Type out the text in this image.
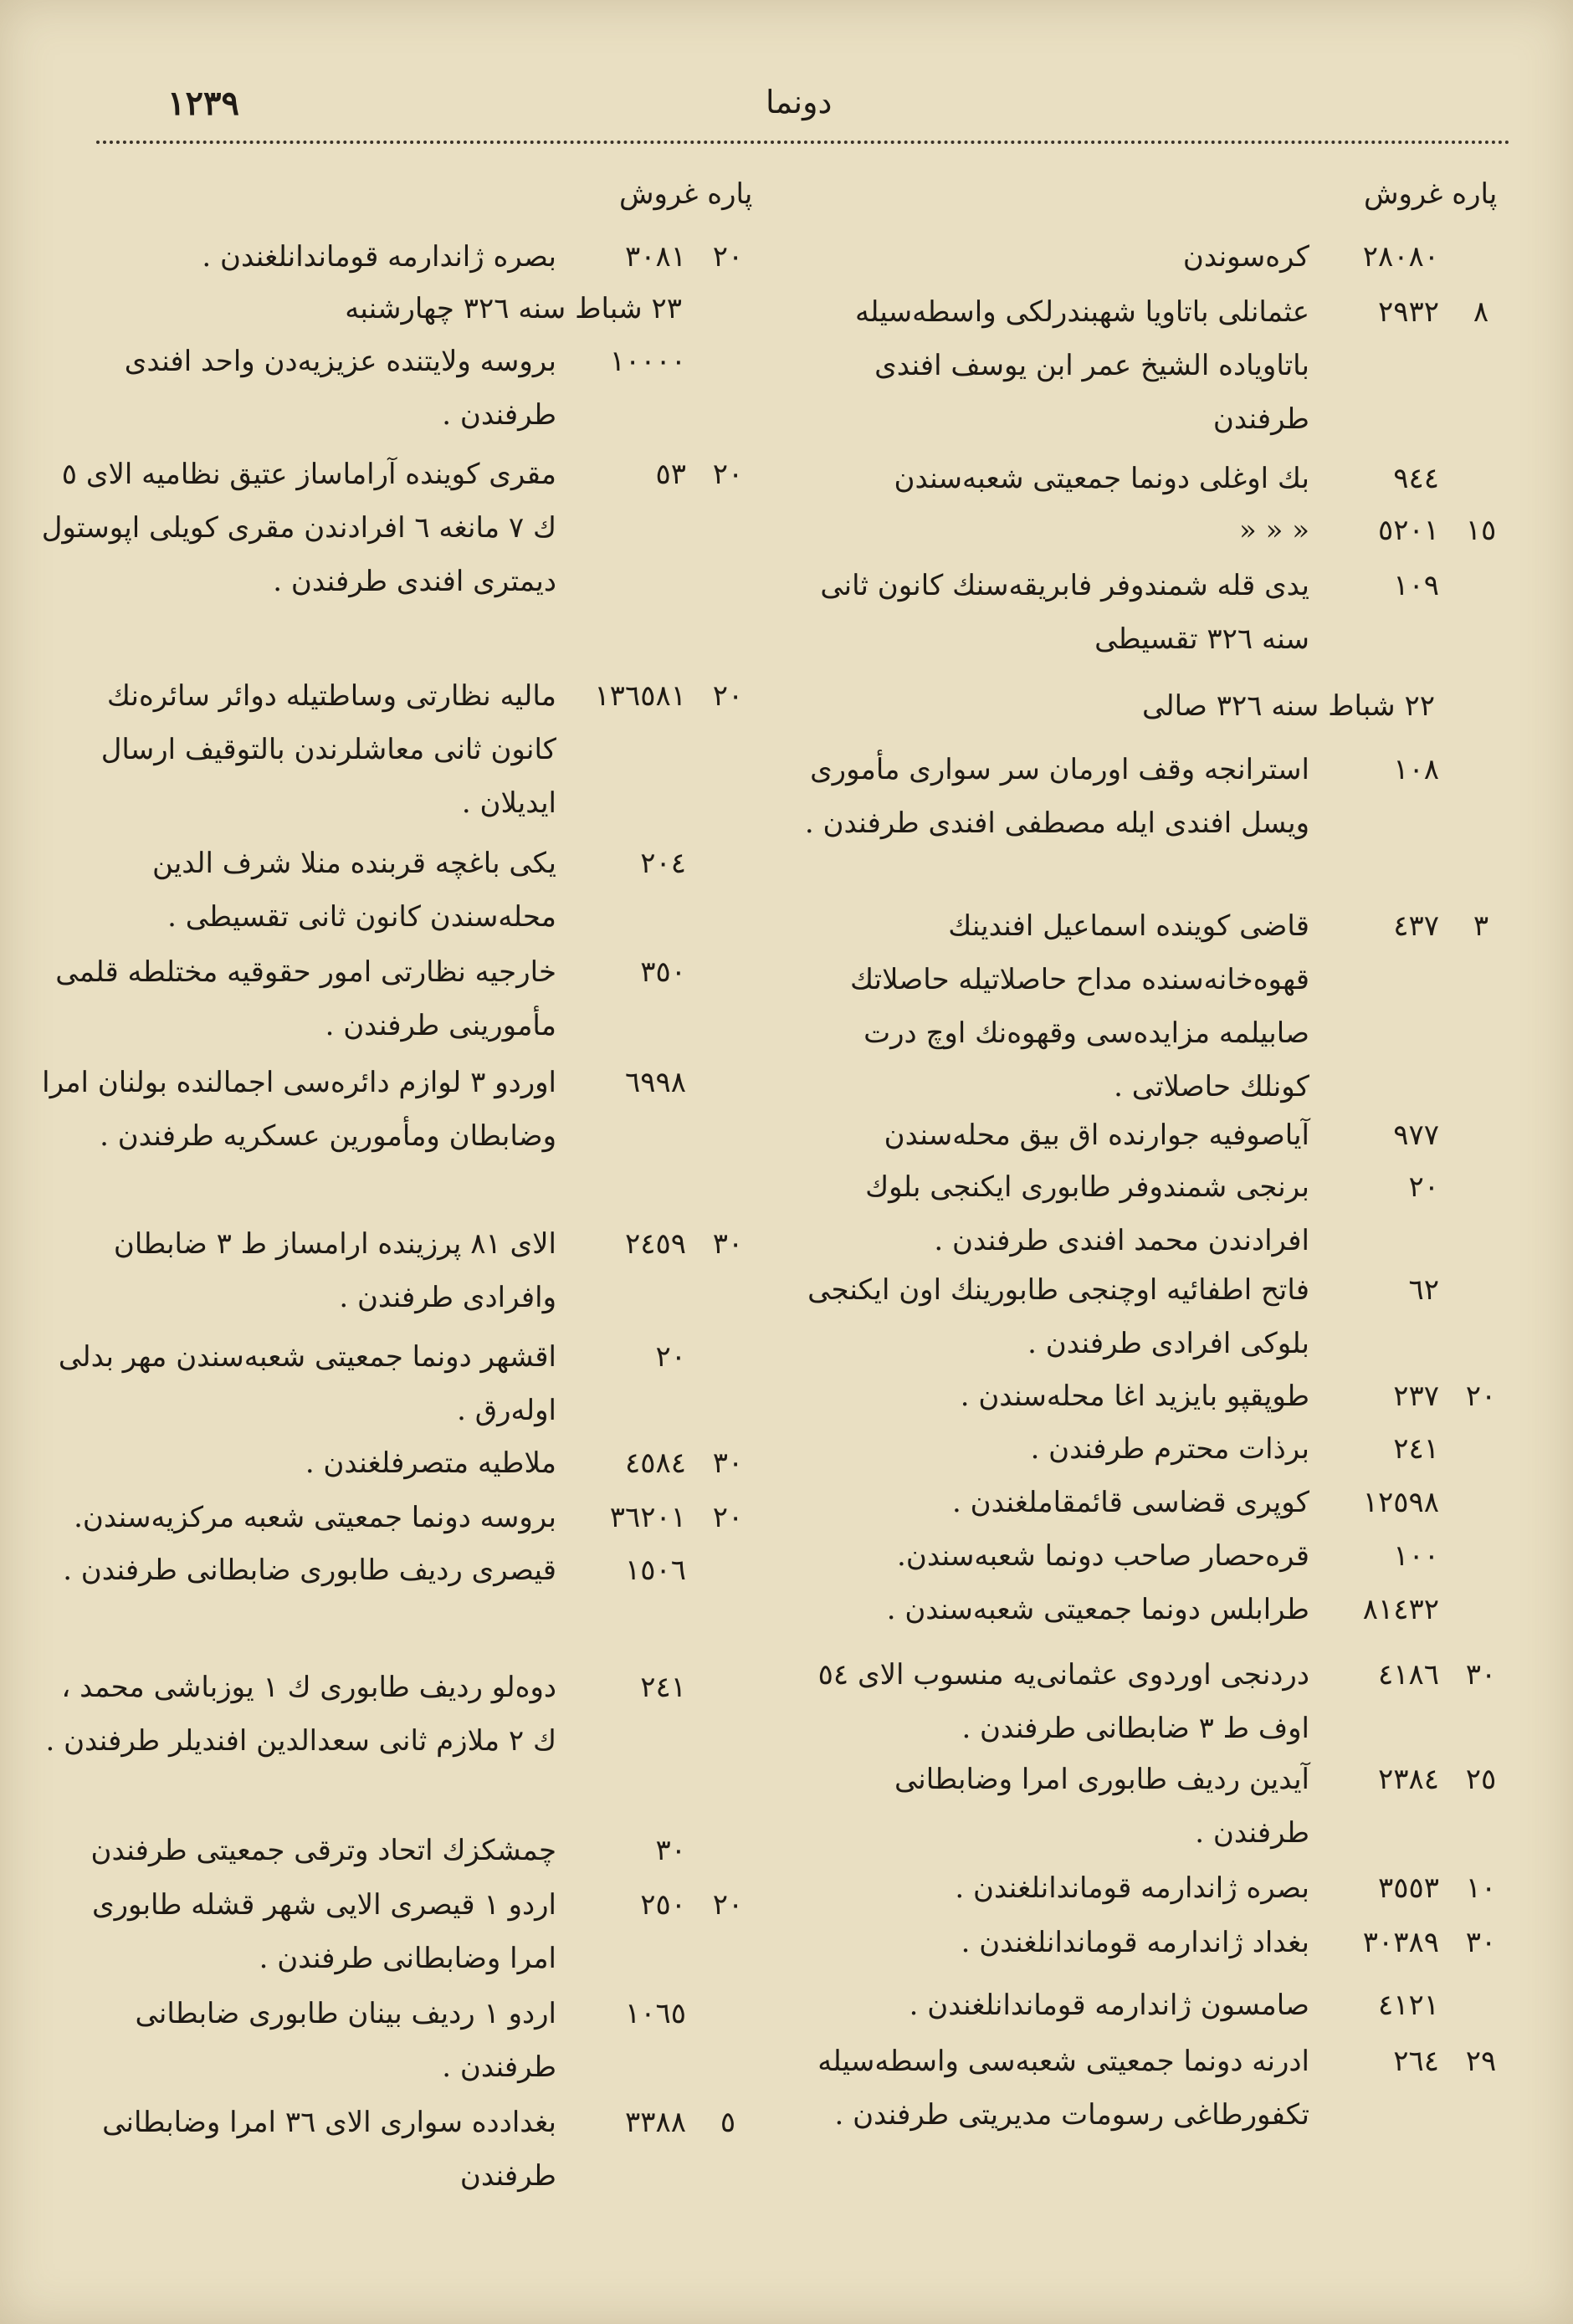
١٢٣٩	دونما
پاره غروش
پاره غروش
٢٨٠٨٠
كره‌سوندن
٨
٢٩٣٢
عثمانلى باتاويا شهبندرلكى واسطه‌سيله باتاوياده الشيخ عمر ابن يوسف افندى طرفندن
٩٤٤
بك اوغلى دونما جمعيتى شعبه‌سندن
١٥
٥٢٠١
« « «
١٠٩
يدى قله شمندوفر فابريقه‌سنك كانون ثانى سنه ٣٢٦ تقسيطى
٢٢ شباط سنه ٣٢٦ صالى
١٠٨
استرانجه وقف اورمان سر سوارى مأمورى ويسل افندى ايله مصطفى افندى طرفندن .
٣
٤٣٧
قاضى كوينده اسماعيل افندينك قهوه‌خانه‌سنده مداح حاصلاتيله حاصلاتك صابيلمه مزايده‌سى وقهوه‌نك اوچ درت كونلك حاصلاتى .
٩٧٧
آياصوفيه جوارنده اق بيق محله‌سندن
٢٠
برنجى شمندوفر طابورى ايكنجى بلوك افرادندن محمد افندى طرفندن .
٦٢
فاتح اطفائيه اوچنجى طابورينك اون ايكنجى بلوكى افرادى طرفندن .
٢٠
٢٣٧
طوپقپو بايزيد اغا محله‌سندن .
٢٤١
برذات محترم طرفندن .
١٢٥٩٨
كوپرى قضاسى قائمقاملغندن .
١٠٠
قره‌حصار صاحب دونما شعبه‌سندن.
٨١٤٣٢
طرابلس دونما جمعيتى شعبه‌سندن .
٣٠
٤١٨٦
دردنجى اوردوى عثمانى‌يه منسوب الاى ٥٤ اوف ط ٣ ضابطانى طرفندن .
٢٥
٢٣٨٤
آيدين رديف طابورى امرا وضابطانى طرفندن .
١٠
٣٥٥٣
بصره ژاندارمه قوماندانلغندن .
٣٠
٣٠٣٨٩
بغداد ژاندارمه قوماندانلغندن .
٤١٢١
صامسون ژاندارمه قوماندانلغندن .
٢٩
٢٦٤
ادرنه دونما جمعيتى شعبه‌سى واسطه‌سيله تكفورطاغى رسومات مديريتى طرفندن .
٢٠
٣٠٨١
بصره ژاندارمه قوماندانلغندن .
٢٣ شباط سنه ٣٢٦ چهارشنبه
١٠٠٠٠
بروسه ولايتنده عزيزيه‌دن واحد افندى طرفندن .
٢٠
٥٣
مقرى كوينده آراماساز عتيق نظاميه الاى ٥ ك ٧ مانغه ٦ افرادندن مقرى كويلى اپوستول ديمترى افندى طرفندن .
٢٠
١٣٦٥٨١
ماليه نظارتى وساطتيله دوائر سائره‌نك كانون ثانى معاشلرندن بالتوقيف ارسال ايديلان .
٢٠٤
يكى باغچه قربنده منلا شرف الدين محله‌سندن كانون ثانى تقسيطى .
٣٥٠
خارجيه نظارتى امور حقوقيه مختلطه قلمى مأمورينى طرفندن .
٦٩٩٨
اوردو ٣ لوازم دائره‌سى اجمالنده بولنان امرا وضابطان ومأمورين عسكريه طرفندن .
٣٠
٢٤٥٩
الاى ٨١ پرزينده ارامساز ط ٣ ضابطان وافرادى طرفندن .
٢٠
اقشهر دونما جمعيتى شعبه‌سندن مهر بدلى اوله‌رق .
٣٠
٤٥٨٤
ملاطيه متصرفلغندن .
٢٠
٣٦٢٠١
بروسه دونما جمعيتى شعبه مركزيه‌سندن.
١٥٠٦
قيصرى رديف طابورى ضابطانى طرفندن .
٢٤١
دوه‌لو رديف طابورى ك ١ يوزباشى محمد ، ك ٢ ملازم ثانى سعدالدين افنديلر طرفندن .
٣٠
چمشكزك اتحاد وترقى جمعيتى طرفندن
٢٠
٢٥٠
اردو ١ قيصرى الايى شهر قشله طابورى امرا وضابطانى طرفندن .
١٠٦٥
اردو ١ رديف بينان طابورى ضابطانى طرفندن .
٥
٣٣٨٨
بغدادده سوارى الاى ٣٦ امرا وضابطانى طرفندن
